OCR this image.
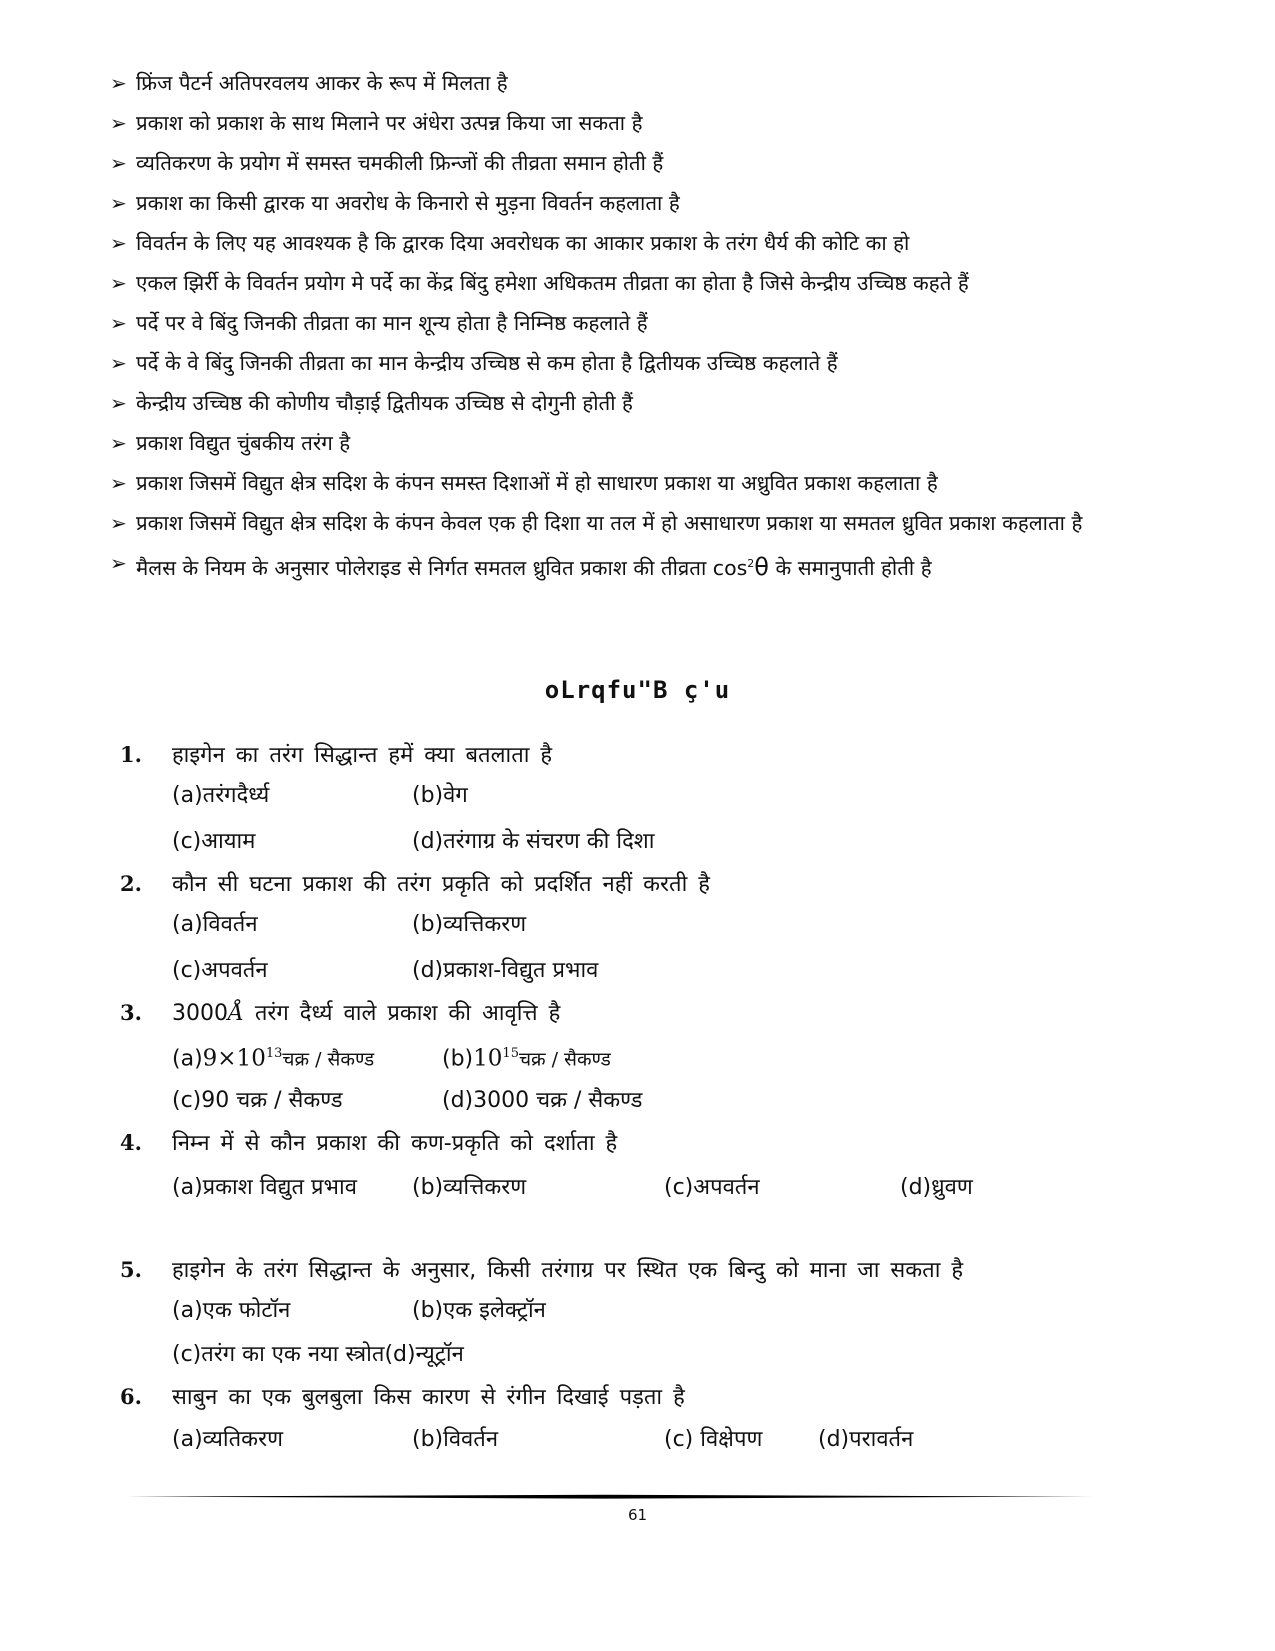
➢ फ्रिंज पैटर्न अतिपरवलय आकर के रूप में मिलता है
➢ प्रकाश को प्रकाश के साथ मिलाने पर अंधेरा उत्पन्न किया जा सकता है
➢ व्यतिकरण के प्रयोग में समस्त चमकीली फ्रिन्जों की तीव्रता समान होती हैं
➢ प्रकाश का किसी द्वारक या अवरोध के किनारो से मुड़ना विवर्तन कहलाता है
➢ विवर्तन के लिए यह आवश्यक है कि द्वारक दिया अवरोधक का आकार प्रकाश के तरंग धैर्य की कोटि का हो
➢ एकल झिर्री के विवर्तन प्रयोग मे पर्दे का केंद्र बिंदु हमेशा अधिकतम तीव्रता का होता है जिसे केन्द्रीय उच्चिष्ठ कहते हैं
➢ पर्दे पर वे बिंदु जिनकी तीव्रता का मान शून्य होता है निम्निष्ठ कहलाते हैं
➢ पर्दे के वे बिंदु जिनकी तीव्रता का मान केन्द्रीय उच्चिष्ठ से कम होता है द्वितीयक उच्चिष्ठ कहलाते हैं
➢ केन्द्रीय उच्चिष्ठ की कोणीय चौड़ाई द्वितीयक उच्चिष्ठ से दोगुनी होती हैं
➢ प्रकाश विद्युत चुंबकीय तरंग है
➢ प्रकाश जिसमें विद्युत क्षेत्र सदिश के कंपन समस्त दिशाओं में हो साधारण प्रकाश या अध्रुवित प्रकाश कहलाता है
➢ प्रकाश जिसमें विद्युत क्षेत्र सदिश के कंपन केवल एक ही दिशा या तल में हो असाधारण प्रकाश या समतल ध्रुवित प्रकाश कहलाता है
➢ मैलस के नियम के अनुसार पोलेराइड से निर्गत समतल ध्रुवित प्रकाश की तीव्रता $\cos^2\theta$ के समानुपाती होती है
oLrqfu"B ç'u
1.	हाइगेन का तरंग सिद्धान्त हमें क्या बतलाता है
(a)तरंगदैर्ध्य	(b)वेग
(c)आयाम	(d)तरंगाग्र के संचरण की दिशा
2.	कौन सी घटना प्रकाश की तरंग प्रकृति को प्रदर्शित नहीं करती है
(a)विवर्तन	(b)व्यत्तिकरण
(c)अपवर्तन	(d)प्रकाश-विद्युत प्रभाव
3.	3000Å तरंग दैर्ध्य वाले प्रकाश की आवृत्ति है
$(a)9\times 10^{13}चक्र$ / सैकण्ड	$(b)10^{15}चक्र$ / सैकण्ड
(c)90 चक्र / सैकण्ड	(d)3000 चक्र / सैकण्ड
4.	निम्न में से कौन प्रकाश की कण-प्रकृति को दर्शाता है
(a)प्रकाश विद्युत प्रभाव	(b)व्यत्तिकरण	(c)अपवर्तन	(d)ध्रुवण
5.	हाइगेन के तरंग सिद्धान्त के अनुसार, किसी तरंगाग्र पर स्थित एक बिन्दु को माना जा सकता है
(a)एक फोटॉन	(b)एक इलेक्ट्रॉन
(c)तरंग का एक नया स्त्रोत (d)न्यूट्रॉन
6.	साबुन का एक बुलबुला किस कारण से रंगीन दिखाई पड़ता है
(a)व्यतिकरण	(b)विवर्तन	(c) विक्षेपण	(d)परावर्तन
61
